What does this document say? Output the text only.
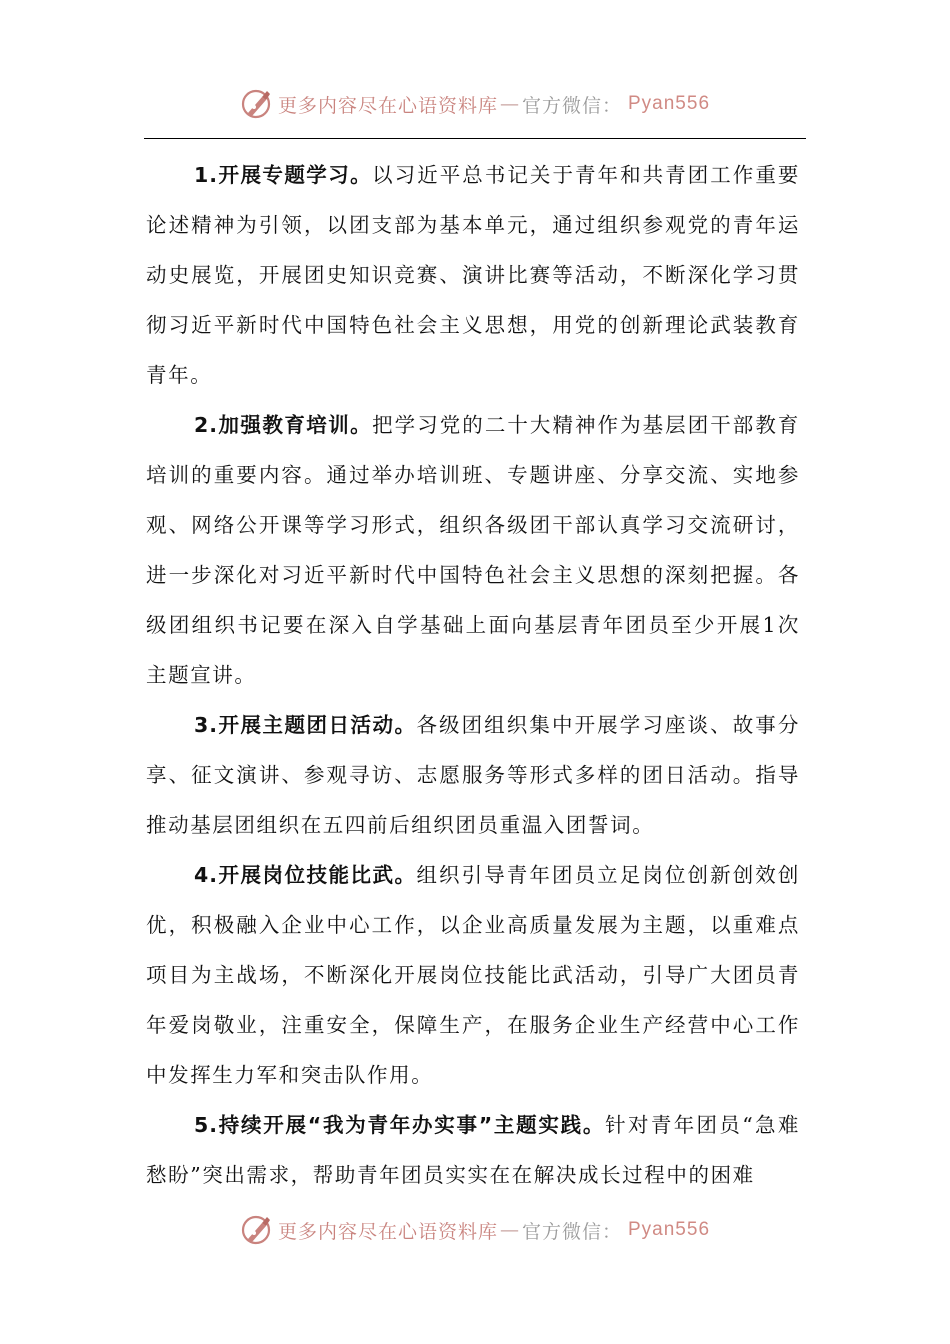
更多内容尽在心语资料库 — 官方微信： Pyan556

1.开展专题学习。以习近平总书记关于青年和共青团工作重要论述精神为引领，以团支部为基本单元，通过组织参观党的青年运动史展览，开展团史知识竞赛、演讲比赛等活动，不断深化学习贯彻习近平新时代中国特色社会主义思想，用党的创新理论武装教育青年。

2.加强教育培训。把学习党的二十大精神作为基层团干部教育培训的重要内容。通过举办培训班、专题讲座、分享交流、实地参观、网络公开课等学习形式，组织各级团干部认真学习交流研讨，进一步深化对习近平新时代中国特色社会主义思想的深刻把握。各级团组织书记要在深入自学基础上面向基层青年团员至少开展1次主题宣讲。

3.开展主题团日活动。各级团组织集中开展学习座谈、故事分享、征文演讲、参观寻访、志愿服务等形式多样的团日活动。指导推动基层团组织在五四前后组织团员重温入团誓词。

4.开展岗位技能比武。组织引导青年团员立足岗位创新创效创优，积极融入企业中心工作，以企业高质量发展为主题，以重难点项目为主战场，不断深化开展岗位技能比武活动，引导广大团员青年爱岗敬业，注重安全，保障生产，在服务企业生产经营中心工作中发挥生力军和突击队作用。

5.持续开展“我为青年办实事”主题实践。针对青年团员“急难愁盼”突出需求，帮助青年团员实实在在解决成长过程中的困难

更多内容尽在心语资料库 — 官方微信： Pyan556
